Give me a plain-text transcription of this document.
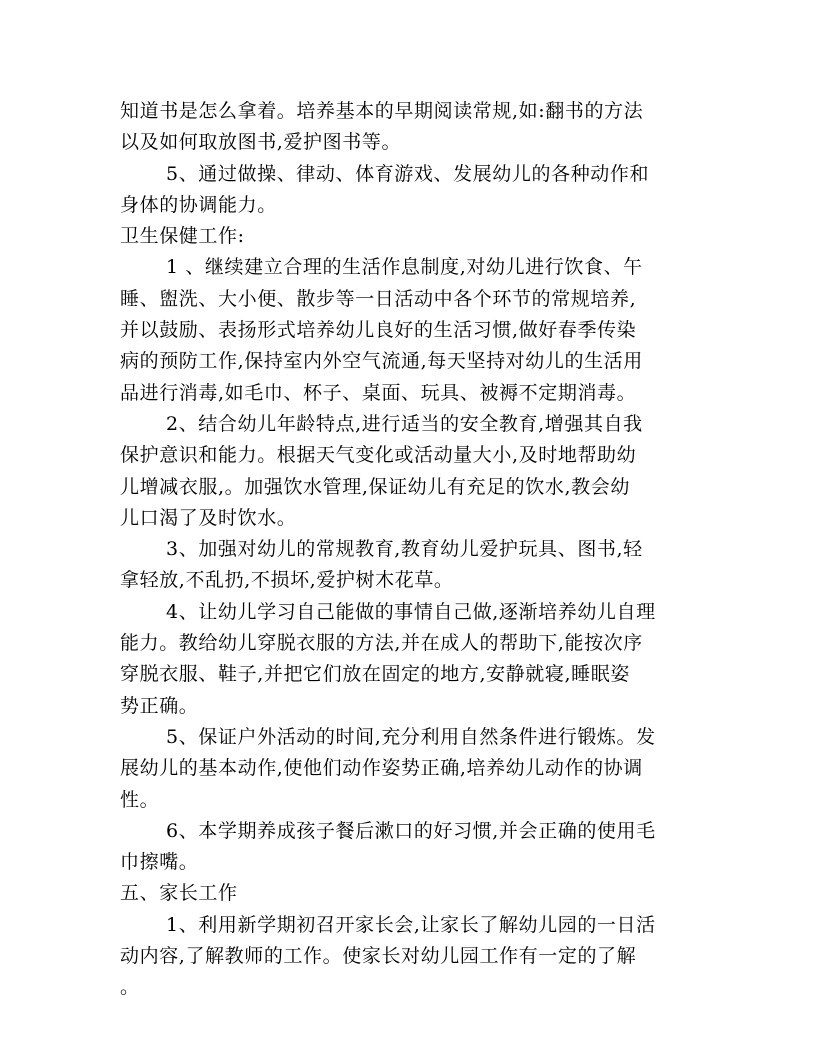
知道书是怎么拿着。培养基本的早期阅读常规,如:翻书的方法
以及如何取放图书,爱护图书等。
5、通过做操、律动、体育游戏、发展幼儿的各种动作和
身体的协调能力。
卫生保健工作:
1 、继续建立合理的生活作息制度,对幼儿进行饮食、午
睡、盥洗、大小便、散步等一日活动中各个环节的常规培养,
并以鼓励、表扬形式培养幼儿良好的生活习惯,做好春季传染
病的预防工作,保持室内外空气流通,每天坚持对幼儿的生活用
品进行消毒,如毛巾、杯子、桌面、玩具、被褥不定期消毒。
2、结合幼儿年龄特点,进行适当的安全教育,增强其自我
保护意识和能力。根据天气变化或活动量大小,及时地帮助幼
儿增减衣服,。加强饮水管理,保证幼儿有充足的饮水,教会幼
儿口渴了及时饮水。
3、加强对幼儿的常规教育,教育幼儿爱护玩具、图书,轻
拿轻放,不乱扔,不损坏,爱护树木花草。
4、让幼儿学习自己能做的事情自己做,逐渐培养幼儿自理
能力。教给幼儿穿脱衣服的方法,并在成人的帮助下,能按次序
穿脱衣服、鞋子,并把它们放在固定的地方,安静就寝,睡眠姿
势正确。
5、保证户外活动的时间,充分利用自然条件进行锻炼。发
展幼儿的基本动作,使他们动作姿势正确,培养幼儿动作的协调
性。
6、本学期养成孩子餐后漱口的好习惯,并会正确的使用毛
巾擦嘴。
五、家长工作
1、利用新学期初召开家长会,让家长了解幼儿园的一日活
动内容,了解教师的工作。使家长对幼儿园工作有一定的了解
。
